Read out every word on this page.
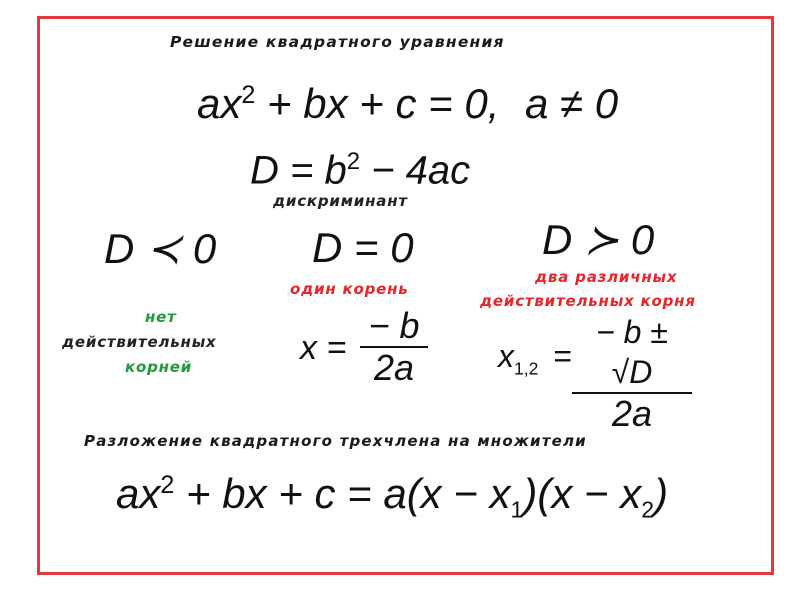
Решение квадратного уравнения
$ax^2$ + bx + c = 0, a ≠ 0
$D = b^2 - 4ac$
дискриминант
D ≺ 0
нет
действительных
корней
D = 0
один корень
x =
− b
2a
D ≻ 0
два различных
действительных корня
$x_{1,2}$ =
− b ± √D
2a
Разложение квадратного трехчлена на множители
$ax^2$ + bx + $c = a(x - x_1)(x - x_2)$
